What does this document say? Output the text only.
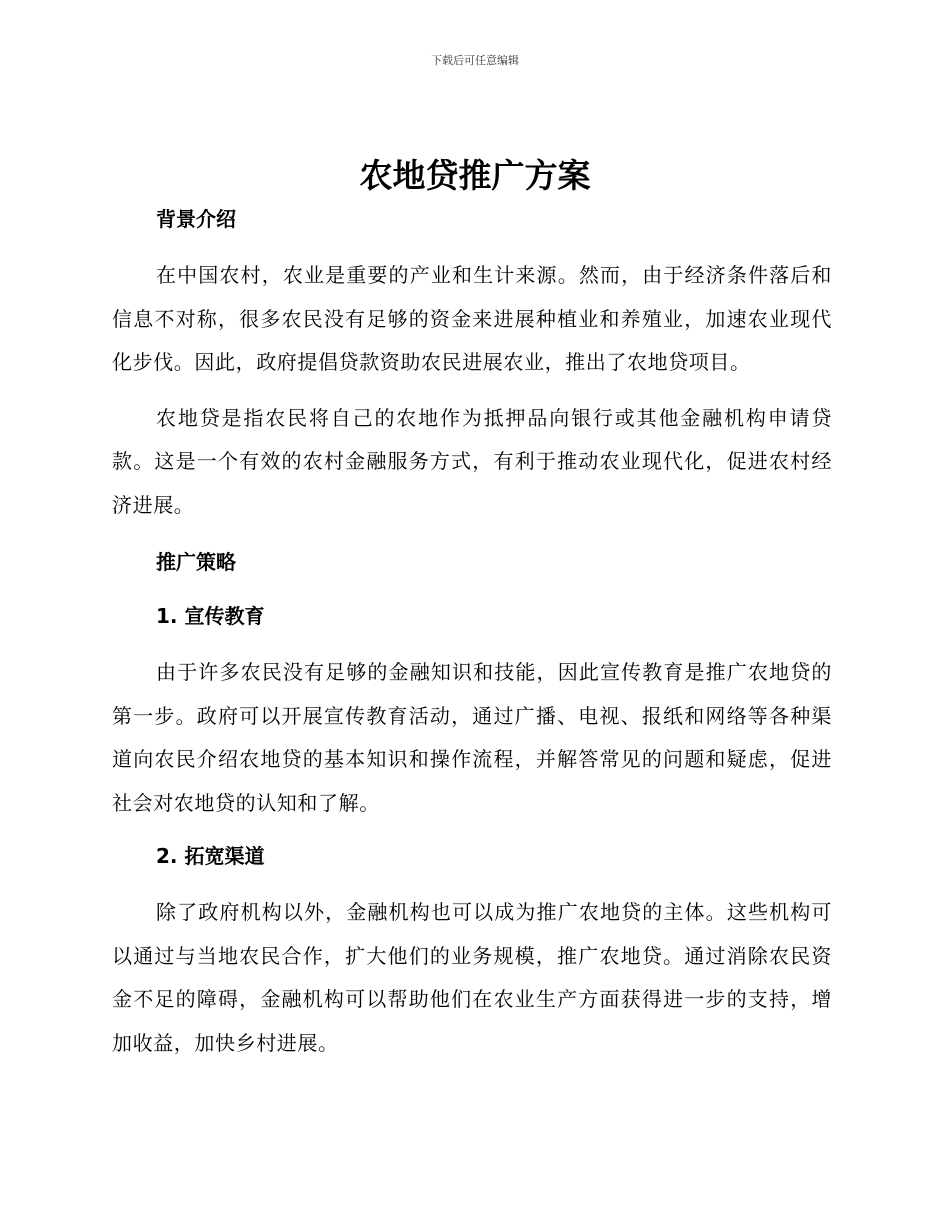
下载后可任意编辑
农地贷推广方案
背景介绍

在中国农村，农业是重要的产业和生计来源。然而，由于经济条件落后和信息不对称，很多农民没有足够的资金来进展种植业和养殖业，加速农业现代化步伐。因此，政府提倡贷款资助农民进展农业，推出了农地贷项目。

农地贷是指农民将自己的农地作为抵押品向银行或其他金融机构申请贷款。这是一个有效的农村金融服务方式，有利于推动农业现代化，促进农村经济进展。

推广策略
1. 宣传教育

由于许多农民没有足够的金融知识和技能，因此宣传教育是推广农地贷的第一步。政府可以开展宣传教育活动，通过广播、电视、报纸和网络等各种渠道向农民介绍农地贷的基本知识和操作流程，并解答常见的问题和疑虑，促进社会对农地贷的认知和了解。

2. 拓宽渠道

除了政府机构以外，金融机构也可以成为推广农地贷的主体。这些机构可以通过与当地农民合作，扩大他们的业务规模，推广农地贷。通过消除农民资金不足的障碍，金融机构可以帮助他们在农业生产方面获得进一步的支持，增加收益，加快乡村进展。
